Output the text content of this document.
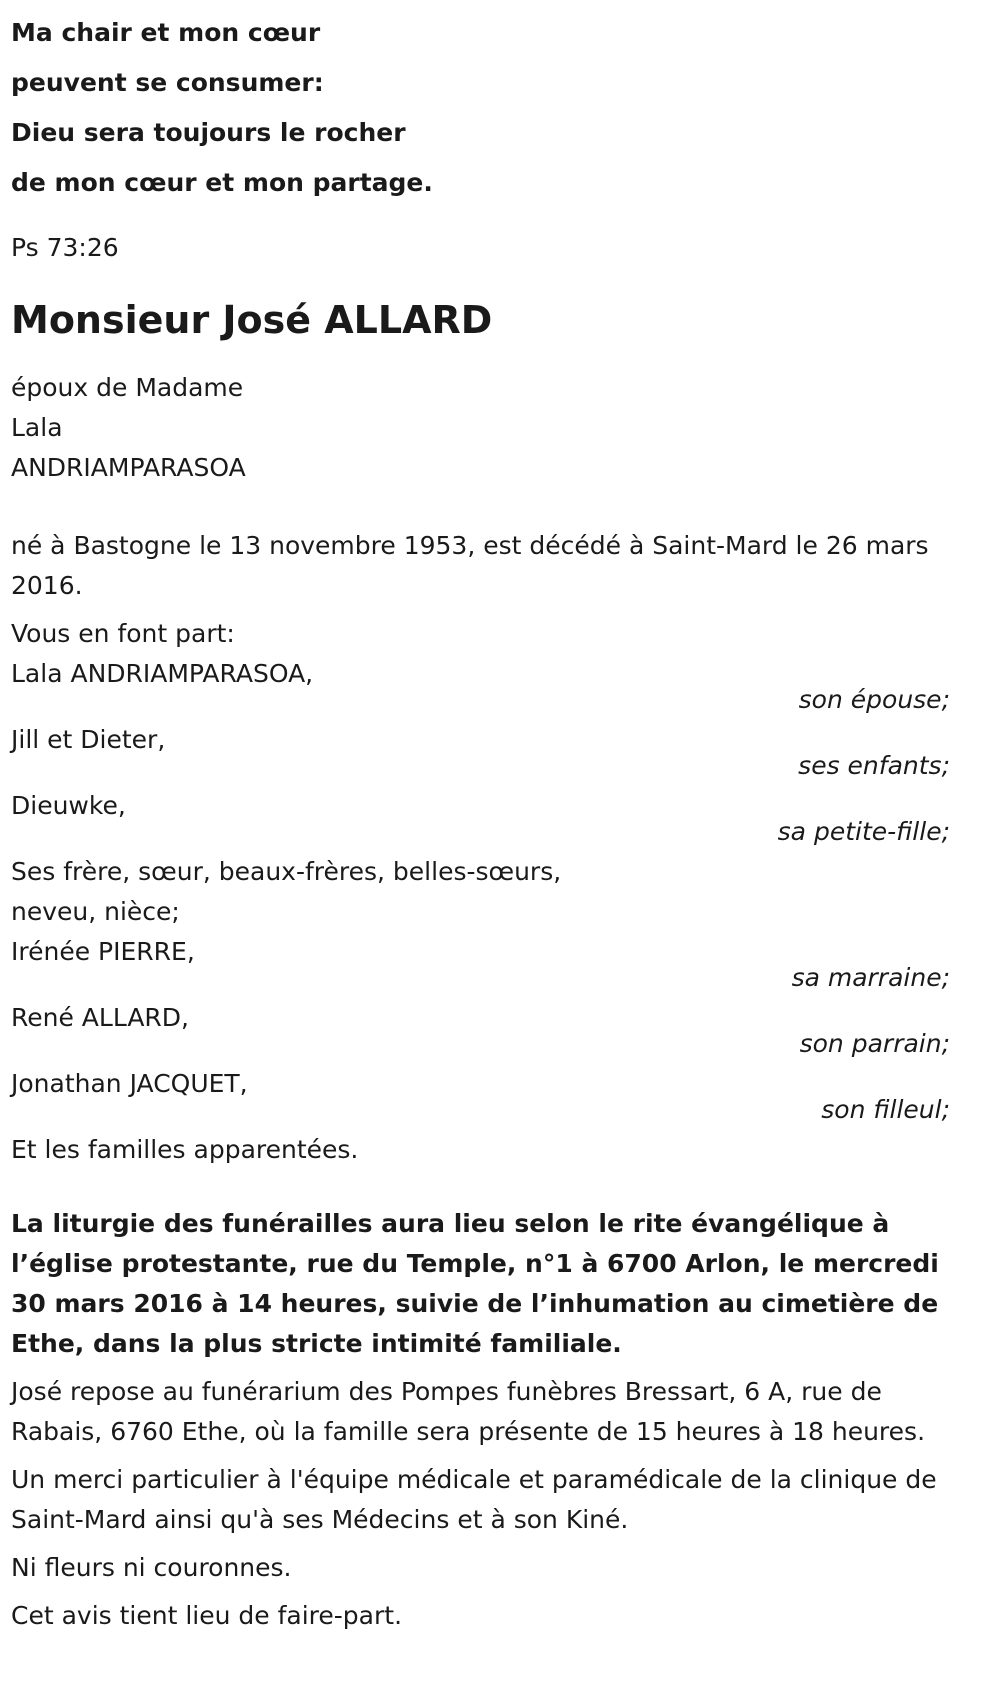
Ma chair et mon cœur
peuvent se consumer:
Dieu sera toujours le rocher
de mon cœur et mon partage.
Ps 73:26
Monsieur José ALLARD
époux de Madame
Lala
ANDRIAMPARASOA
né à Bastogne le 13 novembre 1953, est décédé à Saint-Mard le 26 mars 2016.
Vous en font part:
Lala ANDRIAMPARASOA,
son épouse;
Jill et Dieter,
ses enfants;
Dieuwke,
sa petite-fille;
Ses frère, sœur, beaux-frères, belles-sœurs,
neveu, nièce;
Irénée PIERRE,
sa marraine;
René ALLARD,
son parrain;
Jonathan JACQUET,
son filleul;
Et les familles apparentées.
La liturgie des funérailles aura lieu selon le rite évangélique à l’église protestante, rue du Temple, n°1 à 6700 Arlon, le mercredi 30 mars 2016 à 14 heures, suivie de l’inhumation au cimetière de Ethe, dans la plus stricte intimité familiale.
José repose au funérarium des Pompes funèbres Bressart, 6 A, rue de Rabais, 6760 Ethe, où la famille sera présente de 15 heures à 18 heures.
Un merci particulier à l'équipe médicale et paramédicale de la clinique de Saint-Mard ainsi qu'à ses Médecins et à son Kiné.
Ni fleurs ni couronnes.
Cet avis tient lieu de faire-part.
